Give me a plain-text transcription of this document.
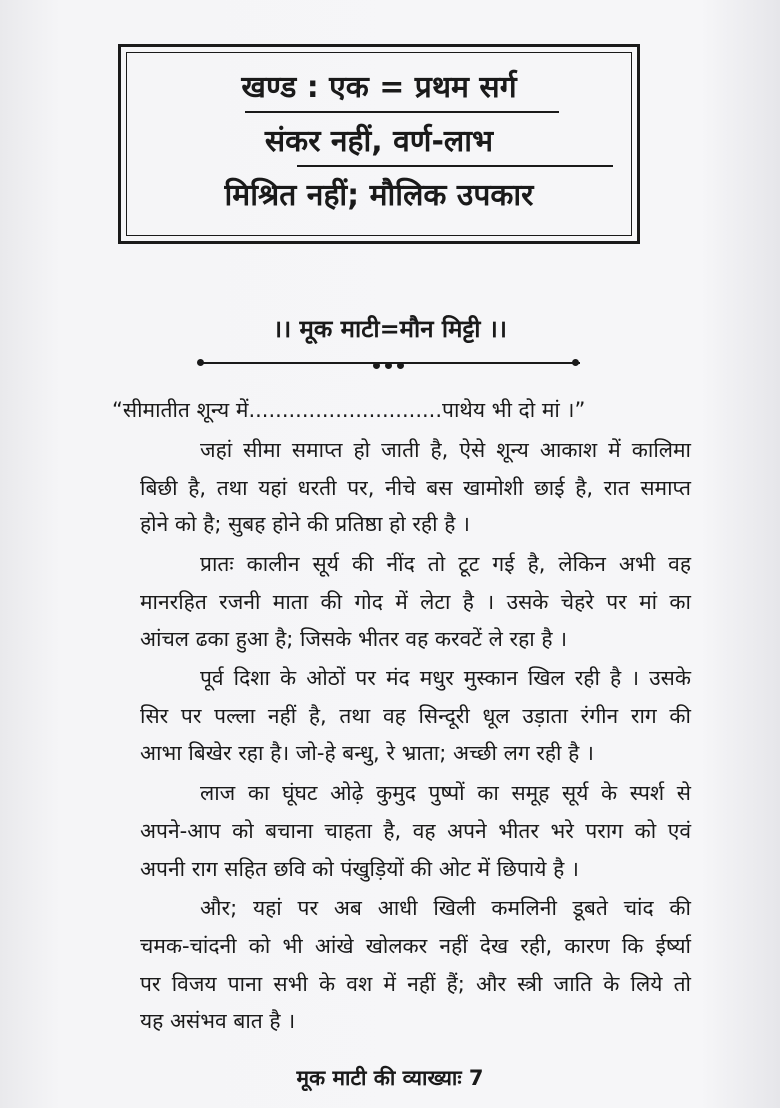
खण्ड : एक = प्रथम सर्ग
संकर नहीं, वर्ण-लाभ
मिश्रित नहीं; मौलिक उपकार
।। मूक माटी=मौन मिट्टी ।।
“सीमातीत शून्य में.............................पाथेय भी दो मां ।”
जहां सीमा समाप्त हो जाती है, ऐसे शून्य आकाश में कालिमा
बिछी है, तथा यहां धरती पर, नीचे बस खामोशी छाई है, रात समाप्त
होने को है; सुबह होने की प्रतिष्ठा हो रही है ।
प्रातः कालीन सूर्य की नींद तो टूट गई है, लेकिन अभी वह
मानरहित रजनी माता की गोद में लेटा है । उसके चेहरे पर मां का
आंचल ढका हुआ है; जिसके भीतर वह करवटें ले रहा है ।
पूर्व दिशा के ओठों पर मंद मधुर मुस्कान खिल रही है । उसके
सिर पर पल्ला नहीं है, तथा वह सिन्दूरी धूल उड़ाता रंगीन राग की
आभा बिखेर रहा है। जो-हे बन्धु, रे भ्राता; अच्छी लग रही है ।
लाज का घूंघट ओढ़े कुमुद पुष्पों का समूह सूर्य के स्पर्श से
अपने-आप को बचाना चाहता है, वह अपने भीतर भरे पराग को एवं
अपनी राग सहित छवि को पंखुड़ियों की ओट में छिपाये है ।
और; यहां पर अब आधी खिली कमलिनी डूबते चांद की
चमक-चांदनी को भी आंखे खोलकर नहीं देख रही, कारण कि ईर्ष्या
पर विजय पाना सभी के वश में नहीं हैं; और स्त्री जाति के लिये तो
यह असंभव बात है ।
मूक माटी की व्याख्याः 7
